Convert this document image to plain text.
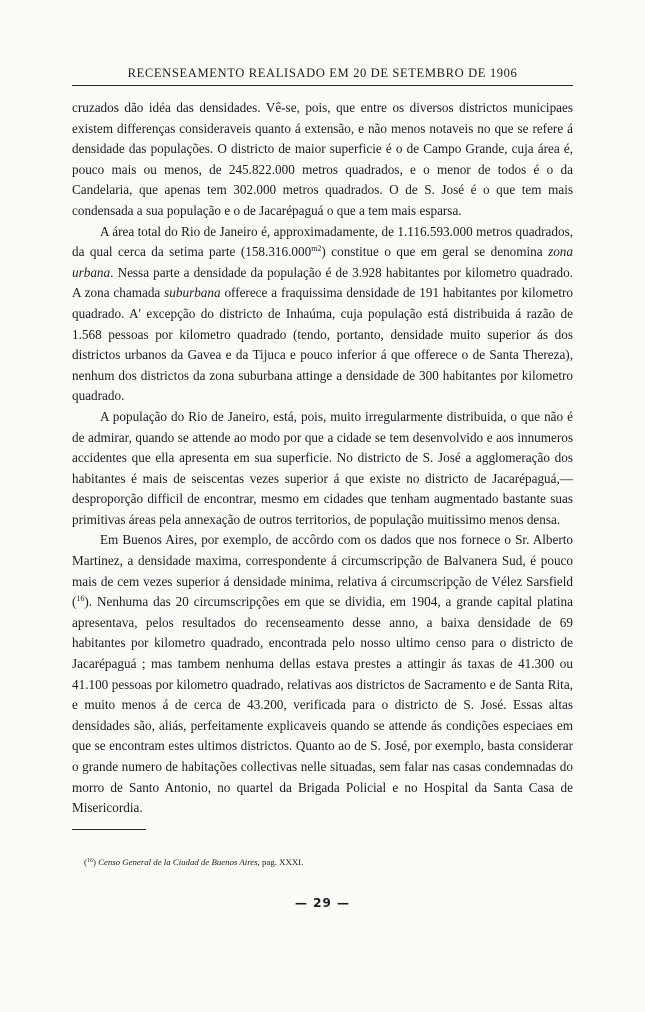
RECENSEAMENTO REALISADO EM 20 DE SETEMBRO DE 1906

cruzados dão idéa das densidades. Vê-se, pois, que entre os diversos districtos municipaes existem differenças consideraveis quanto á extensão, e não menos notaveis no que se refere á densidade das populações. O districto de maior superficie é o de Campo Grande, cuja área é, pouco mais ou menos, de 245.822.000 metros quadrados, e o menor de todos é o da Candelaria, que apenas tem 302.000 metros quadrados. O de S. José é o que tem mais condensada a sua população e o de Jacarépaguá o que a tem mais esparsa.

A área total do Rio de Janeiro é, approximadamente, de 1.116.593.000 metros quadrados, da qual cerca da setima parte $(158.316.000^{m2})$ constitue o que em geral se denomina zona urbana. Nessa parte a densidade da população é de 3.928 habitantes por kilometro quadrado. A zona chamada suburbana offerece a fraquissima densidade de 191 habitantes por kilometro quadrado. A' excepção do districto de Inhaúma, cuja população está distribuida á razão de 1.568 pessoas por kilometro quadrado (tendo, portanto, densidade muito superior ás dos districtos urbanos da Gavea e da Tijuca e pouco inferior á que offerece o de Santa Thereza), nenhum dos districtos da zona suburbana attinge a densidade de 300 habitantes por kilometro quadrado.

A população do Rio de Janeiro, está, pois, muito irregularmente distribuida, o que não é de admirar, quando se attende ao modo por que a cidade se tem desenvolvido e aos innumeros accidentes que ella apresenta em sua superficie. No districto de S. José a agglomeração dos habitantes é mais de seiscentas vezes superior á que existe no districto de Jacarépaguá,— desproporção difficil de encontrar, mesmo em cidades que tenham augmentado bastante suas primitivas áreas pela annexação de outros territorios, de população muitissimo menos densa.

Em Buenos Aires, por exemplo, de accôrdo com os dados que nos fornece o Sr. Alberto Martinez, a densidade maxima, correspondente á circumscripção de Balvanera Sud, é pouco mais de cem vezes superior á densidade minima, relativa á circumscripção de Vélez Sarsfield ($^{16}$). Nenhuma das 20 circumscripções em que se dividia, em 1904, a grande capital platina apresentava, pelos resultados do recenseamento desse anno, a baixa densidade de 69 habitantes por kilometro quadrado, encontrada pelo nosso ultimo censo para o districto de Jacarépaguá ; mas tambem nenhuma dellas estava prestes a attingir ás taxas de 41.300 ou 41.100 pessoas por kilometro quadrado, relativas aos districtos de Sacramento e de Santa Rita, e muito menos á de cerca de 43.200, verificada para o districto de S. José. Essas altas densidades são, aliás, perfeitamente explicaveis quando se attende ás condições especiaes em que se encontram estes ultimos districtos. Quanto ao de S. José, por exemplo, basta considerar o grande numero de habitações collectivas nelle situadas, sem falar nas casas condemnadas do morro de Santo Antonio, no quartel da Brigada Policial e no Hospital da Santa Casa de Misericordia.

($^{16}$) Censo General de la Ciudad de Buenos Aires, pag. XXXI.
— 29 —
